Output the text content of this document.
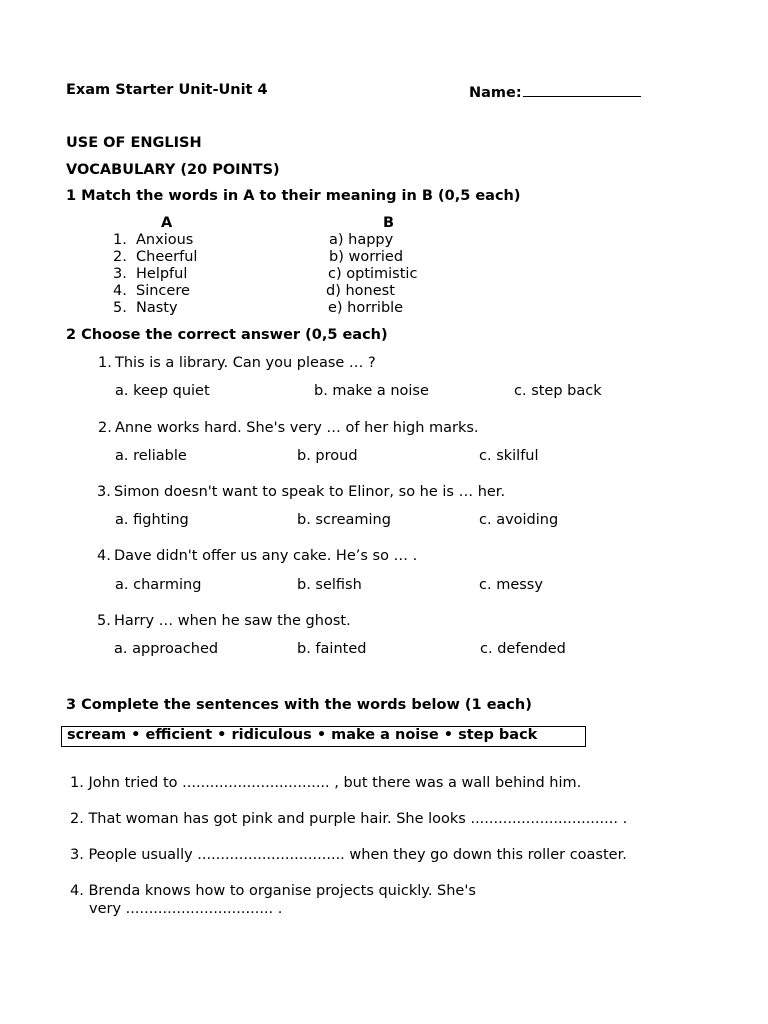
Exam Starter Unit-Unit 4	Name:
USE OF ENGLISH
VOCABULARY (20 POINTS)
1 Match the words in A to their meaning in B (0,5 each)
A	B
1. Anxious	a) happy
2. Cheerful	b) worried
3. Helpful	c) optimistic
4. Sincere	d) honest
5. Nasty	e) horrible
2 Choose the correct answer (0,5 each)
1. This is a library. Can you please … ?
a. keep quiet	b. make a noise	c. step back
2. Anne works hard. She's very … of her high marks.
a. reliable	b. proud	c. skilful
3. Simon doesn't want to speak to Elinor, so he is … her.
a. fighting	b. screaming	c. avoiding
4. Dave didn't offer us any cake. He’s so … .
a. charming	b. selfish	c. messy
5. Harry … when he saw the ghost.
a. approached	b. fainted	c. defended
3 Complete the sentences with the words below (1 each)
scream • efficient • ridiculous • make a noise • step back
1. John tried to ................................ , but there was a wall behind him.
2. That woman has got pink and purple hair. She looks ................................ .
3. People usually ................................ when they go down this roller coaster.
4. Brenda knows how to organise projects quickly. She's
very ................................ .
